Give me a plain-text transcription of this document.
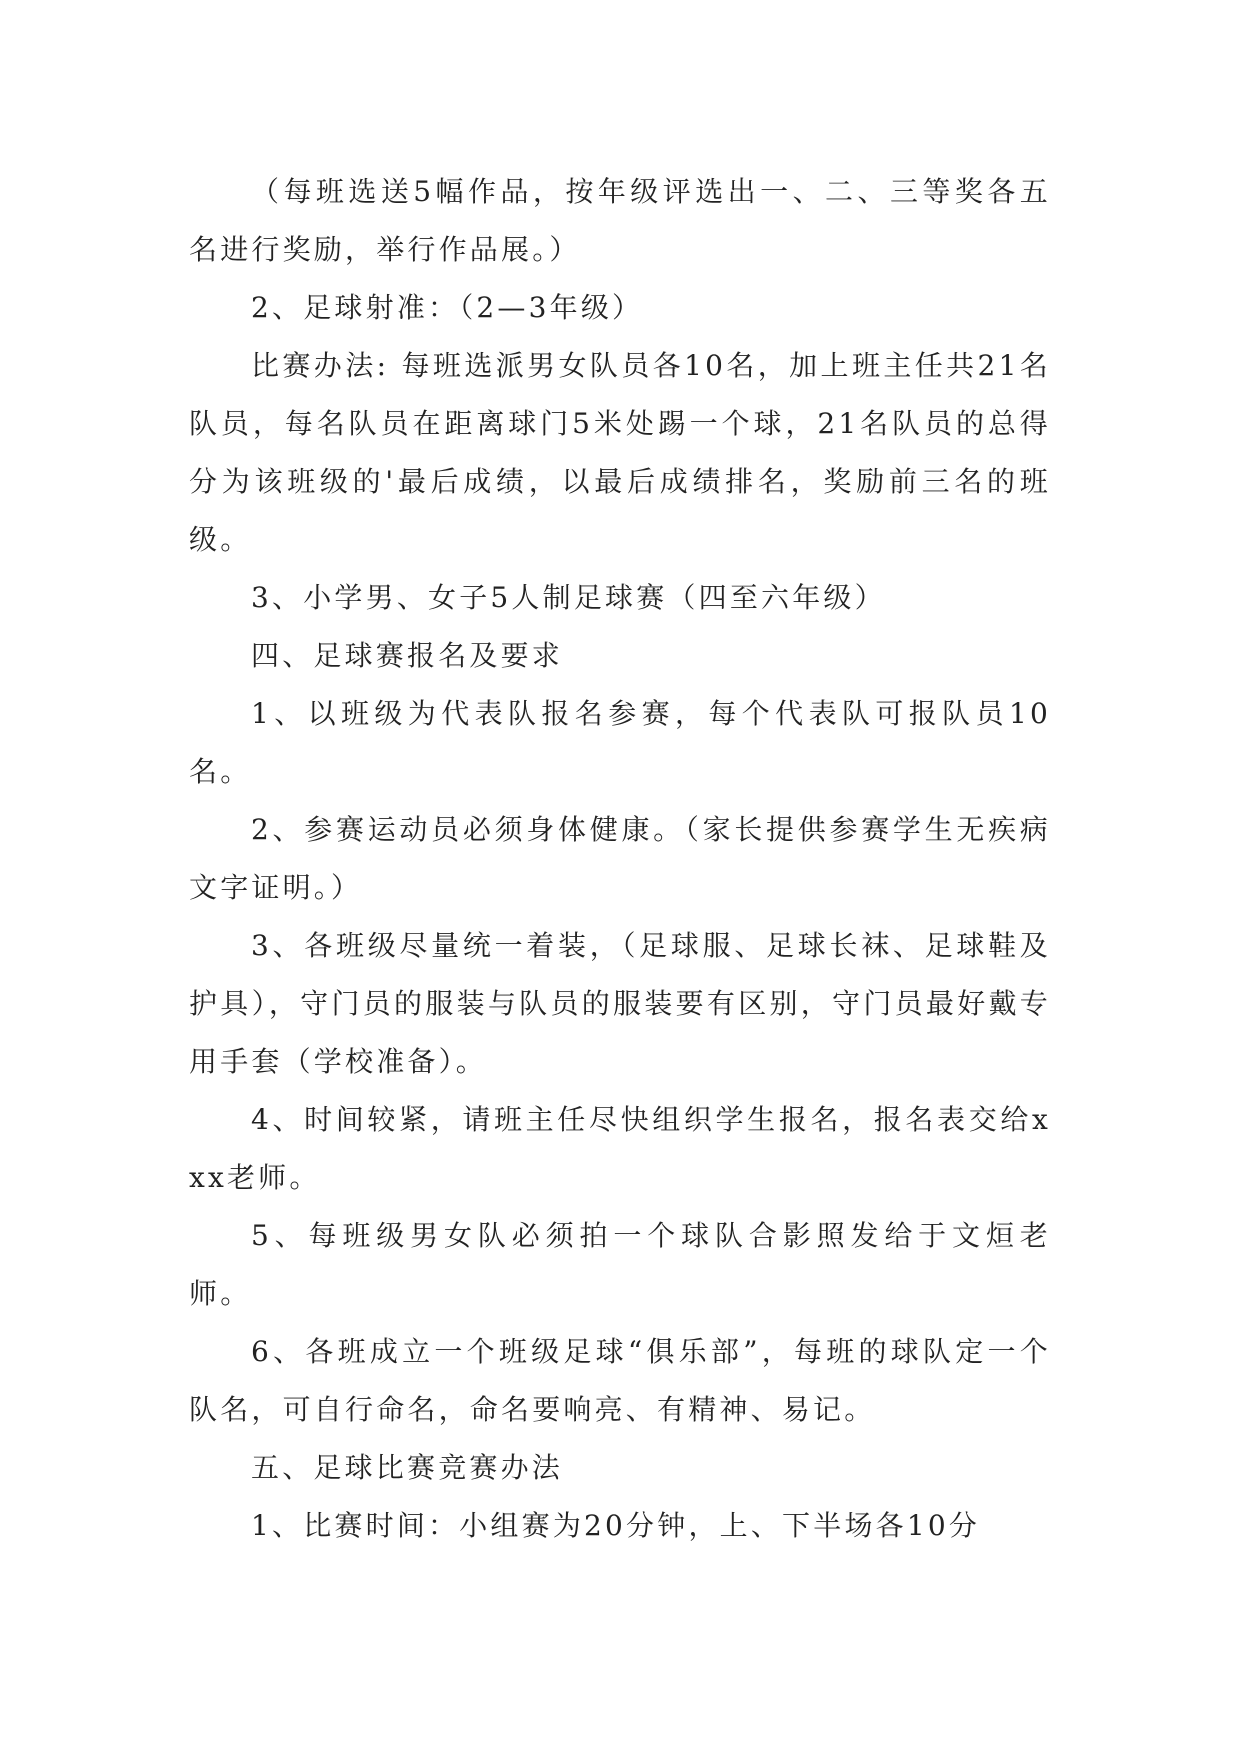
（每班选送5幅作品，按年级评选出一、二、三等奖各五名进行奖励，举行作品展。）

2、足球射准：（2—3年级）

比赛办法: 每班选派男女队员各10名，加上班主任共21名队员，每名队员在距离球门5米处踢一个球，21名队员的总得分为该班级的'最后成绩，以最后成绩排名，奖励前三名的班级。

3、小学男、女子5人制足球赛（四至六年级）

四、足球赛报名及要求

1、以班级为代表队报名参赛，每个代表队可报队员10名。

2、参赛运动员必须身体健康。（家长提供参赛学生无疾病文字证明。）

3、各班级尽量统一着装，（足球服、足球长袜、足球鞋及护具），守门员的服装与队员的服装要有区别，守门员最好戴专用手套（学校准备）。

4、时间较紧，请班主任尽快组织学生报名，报名表交给xxx老师。

5、每班级男女队必须拍一个球队合影照发给于文烜老师。

6、各班成立一个班级足球“俱乐部”，每班的球队定一个队名，可自行命名，命名要响亮、有精神、易记。

五、足球比赛竞赛办法

1、比赛时间：小组赛为20分钟，上、下半场各10分
